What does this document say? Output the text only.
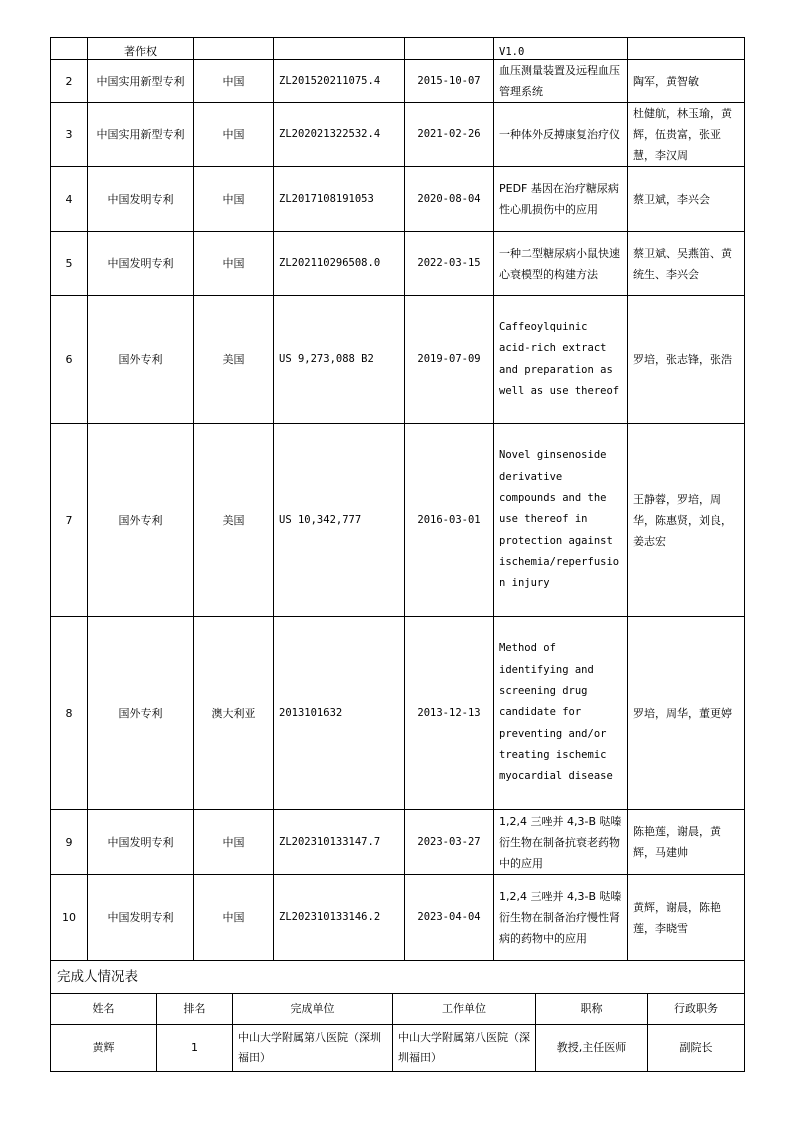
	著作权				V1.0	
2	中国实用新型专利	中国	ZL201520211075.4	2015-10-07	血压测量装置及远程血压管理系统	陶军，黄智敏
3	中国实用新型专利	中国	ZL202021322532.4	2021-02-26	一种体外反搏康复治疗仪	杜健航，林玉瑜，黄辉，伍贵富，张亚慧，李汉周
4	中国发明专利	中国	ZL2017108191053	2020-08-04	PEDF 基因在治疗糖尿病性心肌损伤中的应用	蔡卫斌，李兴会
5	中国发明专利	中国	ZL202110296508.0	2022-03-15	一种二型糖尿病小鼠快速心衰模型的构建方法	蔡卫斌、吴燕笛、黄统生、李兴会
6	国外专利	美国	US 9,273,088 B2	2019-07-09	Caffeoylquinic acid-rich extract and preparation as well as use thereof	罗培，张志锋，张浩
7	国外专利	美国	US 10,342,777	2016-03-01	Novel ginsenoside derivative compounds and the use thereof in protection against ischemia/reperfusion injury	王静蓉，罗培，周华，陈惠贤，刘良，姜志宏
8	国外专利	澳大利亚	2013101632	2013-12-13	Method of identifying and screening drug candidate for preventing and/or treating ischemic myocardial disease	罗培，周华，董更婷
9	中国发明专利	中国	ZL202310133147.7	2023-03-27	1,2,4 三唑并 4,3-B 哒嗪衍生物在制备抗衰老药物中的应用	陈艳莲，谢晨，黄辉，马建帅
10	中国发明专利	中国	ZL202310133146.2	2023-04-04	1,2,4 三唑并 4,3-B 哒嗪衍生物在制备治疗慢性肾病的药物中的应用	黄辉，谢晨，陈艳莲，李晓雪
完成人情况表					
姓名	排名	完成单位	工作单位	职称	行政职务
黄辉	1	中山大学附属第八医院（深圳福田）	中山大学附属第八医院（深圳福田）	教授,主任医师	副院长
